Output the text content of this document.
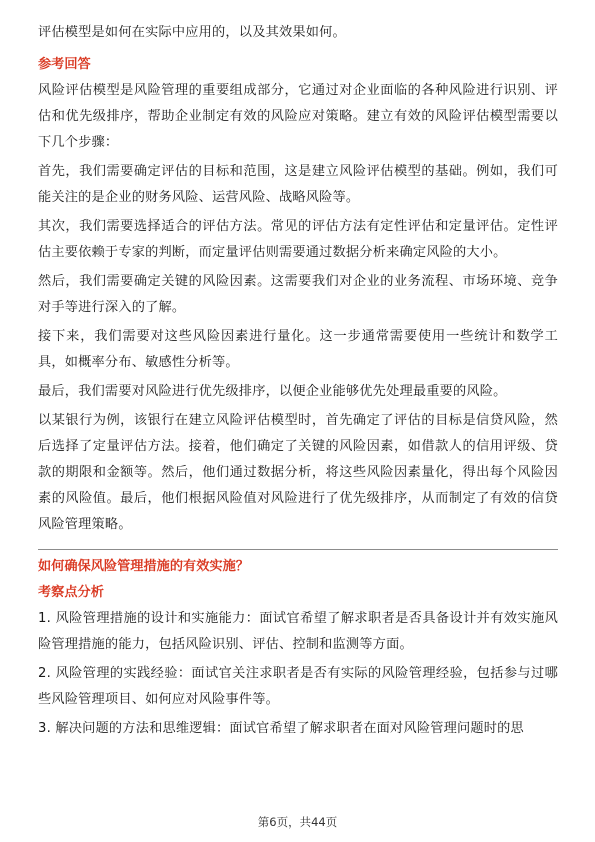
评估模型是如何在实际中应用的，以及其效果如何。

参考回答

风险评估模型是风险管理的重要组成部分，它通过对企业面临的各种风险进行识别、评估和优先级排序，帮助企业制定有效的风险应对策略。建立有效的风险评估模型需要以下几个步骤：

首先，我们需要确定评估的目标和范围，这是建立风险评估模型的基础。例如，我们可能关注的是企业的财务风险、运营风险、战略风险等。

其次，我们需要选择适合的评估方法。常见的评估方法有定性评估和定量评估。定性评估主要依赖于专家的判断，而定量评估则需要通过数据分析来确定风险的大小。

然后，我们需要确定关键的风险因素。这需要我们对企业的业务流程、市场环境、竞争对手等进行深入的了解。

接下来，我们需要对这些风险因素进行量化。这一步通常需要使用一些统计和数学工具，如概率分布、敏感性分析等。

最后，我们需要对风险进行优先级排序，以便企业能够优先处理最重要的风险。

以某银行为例，该银行在建立风险评估模型时，首先确定了评估的目标是信贷风险，然后选择了定量评估方法。接着，他们确定了关键的风险因素，如借款人的信用评级、贷款的期限和金额等。然后，他们通过数据分析，将这些风险因素量化，得出每个风险因素的风险值。最后，他们根据风险值对风险进行了优先级排序，从而制定了有效的信贷风险管理策略。

如何确保风险管理措施的有效实施？
考察点分析

1. 风险管理措施的设计和实施能力：面试官希望了解求职者是否具备设计并有效实施风险管理措施的能力，包括风险识别、评估、控制和监测等方面。

2. 风险管理的实践经验：面试官关注求职者是否有实际的风险管理经验，包括参与过哪些风险管理项目、如何应对风险事件等。

3. 解决问题的方法和思维逻辑：面试官希望了解求职者在面对风险管理问题时的思

第6页，共44页
